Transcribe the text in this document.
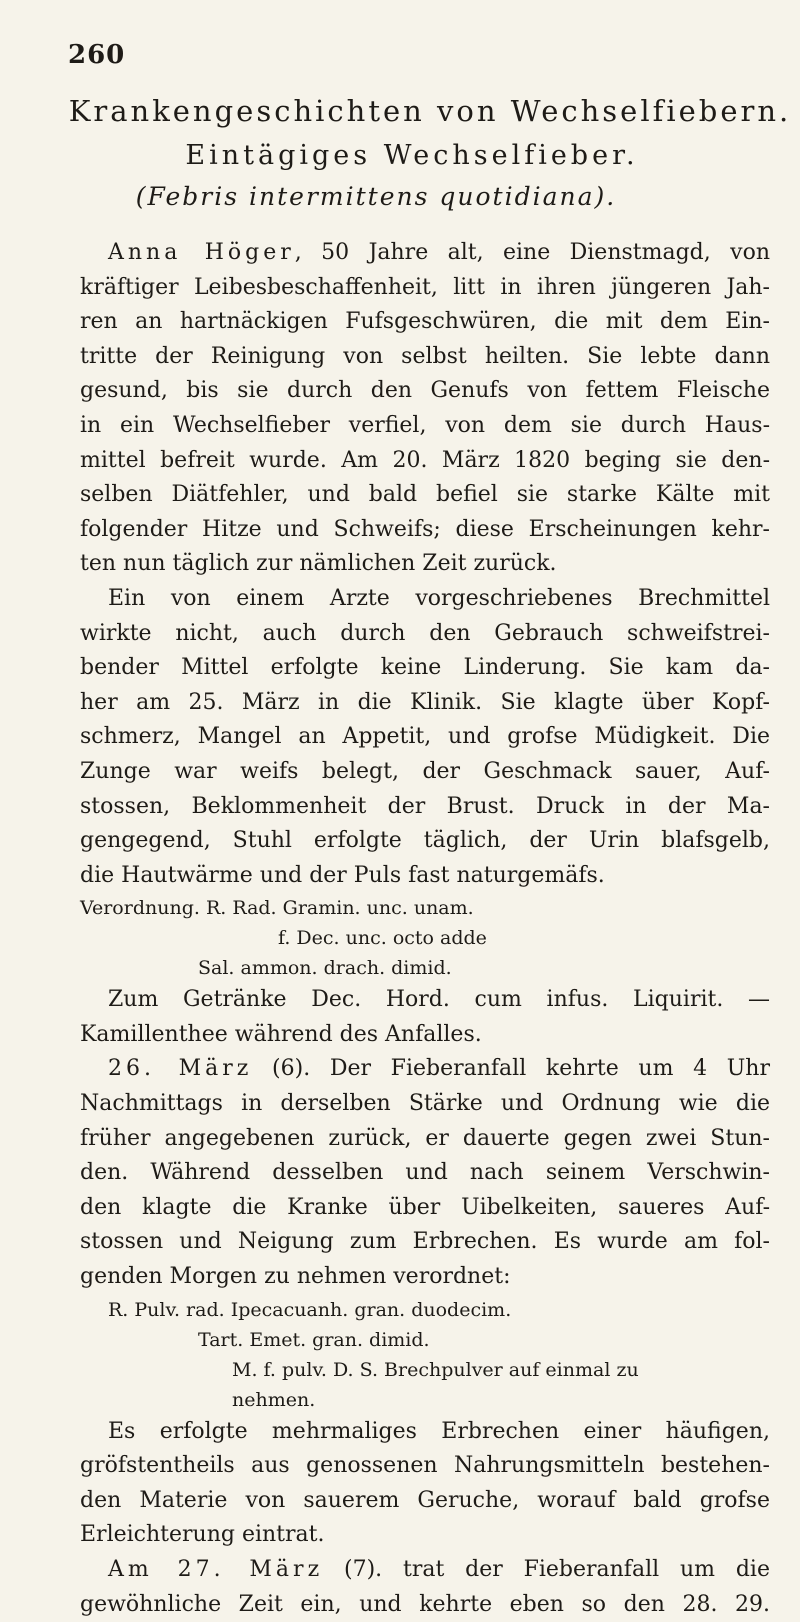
260
Krankengeschichten von Wechselfiebern.
Eintägiges Wechselfieber.
(Febris intermittens quotidiana).
Anna Höger, 50 Jahre alt, eine Dienstmagd, von
kräftiger Leibesbeschaffenheit, litt in ihren jüngeren Jah-
ren an hartnäckigen Fufsgeschwüren, die mit dem Ein-
tritte der Reinigung von selbst heilten. Sie lebte dann
gesund, bis sie durch den Genufs von fettem Fleische
in ein Wechselfieber verfiel, von dem sie durch Haus-
mittel befreit wurde. Am 20. März 1820 beging sie den-
selben Diätfehler, und bald befiel sie starke Kälte mit
folgender Hitze und Schweifs; diese Erscheinungen kehr-
ten nun täglich zur nämlichen Zeit zurück.
Ein von einem Arzte vorgeschriebenes Brechmittel
wirkte nicht, auch durch den Gebrauch schweifstrei-
bender Mittel erfolgte keine Linderung. Sie kam da-
her am 25. März in die Klinik. Sie klagte über Kopf-
schmerz, Mangel an Appetit, und grofse Müdigkeit. Die
Zunge war weifs belegt, der Geschmack sauer, Auf-
stossen, Beklommenheit der Brust. Druck in der Ma-
gengegend, Stuhl erfolgte täglich, der Urin blafsgelb,
die Hautwärme und der Puls fast naturgemäfs.
Verordnung. R. Rad. Gramin. unc. unam.
f. Dec. unc. octo adde
Sal. ammon. drach. dimid.
Zum Getränke Dec. Hord. cum infus. Liquirit. —
Kamillenthee während des Anfalles.
26. März (6). Der Fieberanfall kehrte um 4 Uhr
Nachmittags in derselben Stärke und Ordnung wie die
früher angegebenen zurück, er dauerte gegen zwei Stun-
den. Während desselben und nach seinem Verschwin-
den klagte die Kranke über Uibelkeiten, saueres Auf-
stossen und Neigung zum Erbrechen. Es wurde am fol-
genden Morgen zu nehmen verordnet:
R. Pulv. rad. Ipecacuanh. gran. duodecim.
Tart. Emet. gran. dimid.
M. f. pulv. D. S. Brechpulver auf einmal zu
nehmen.
Es erfolgte mehrmaliges Erbrechen einer häufigen,
gröfstentheils aus genossenen Nahrungsmitteln bestehen-
den Materie von sauerem Geruche, worauf bald grofse
Erleichterung eintrat.
Am 27. März (7). trat der Fieberanfall um die
gewöhnliche Zeit ein, und kehrte eben so den 28. 29.
